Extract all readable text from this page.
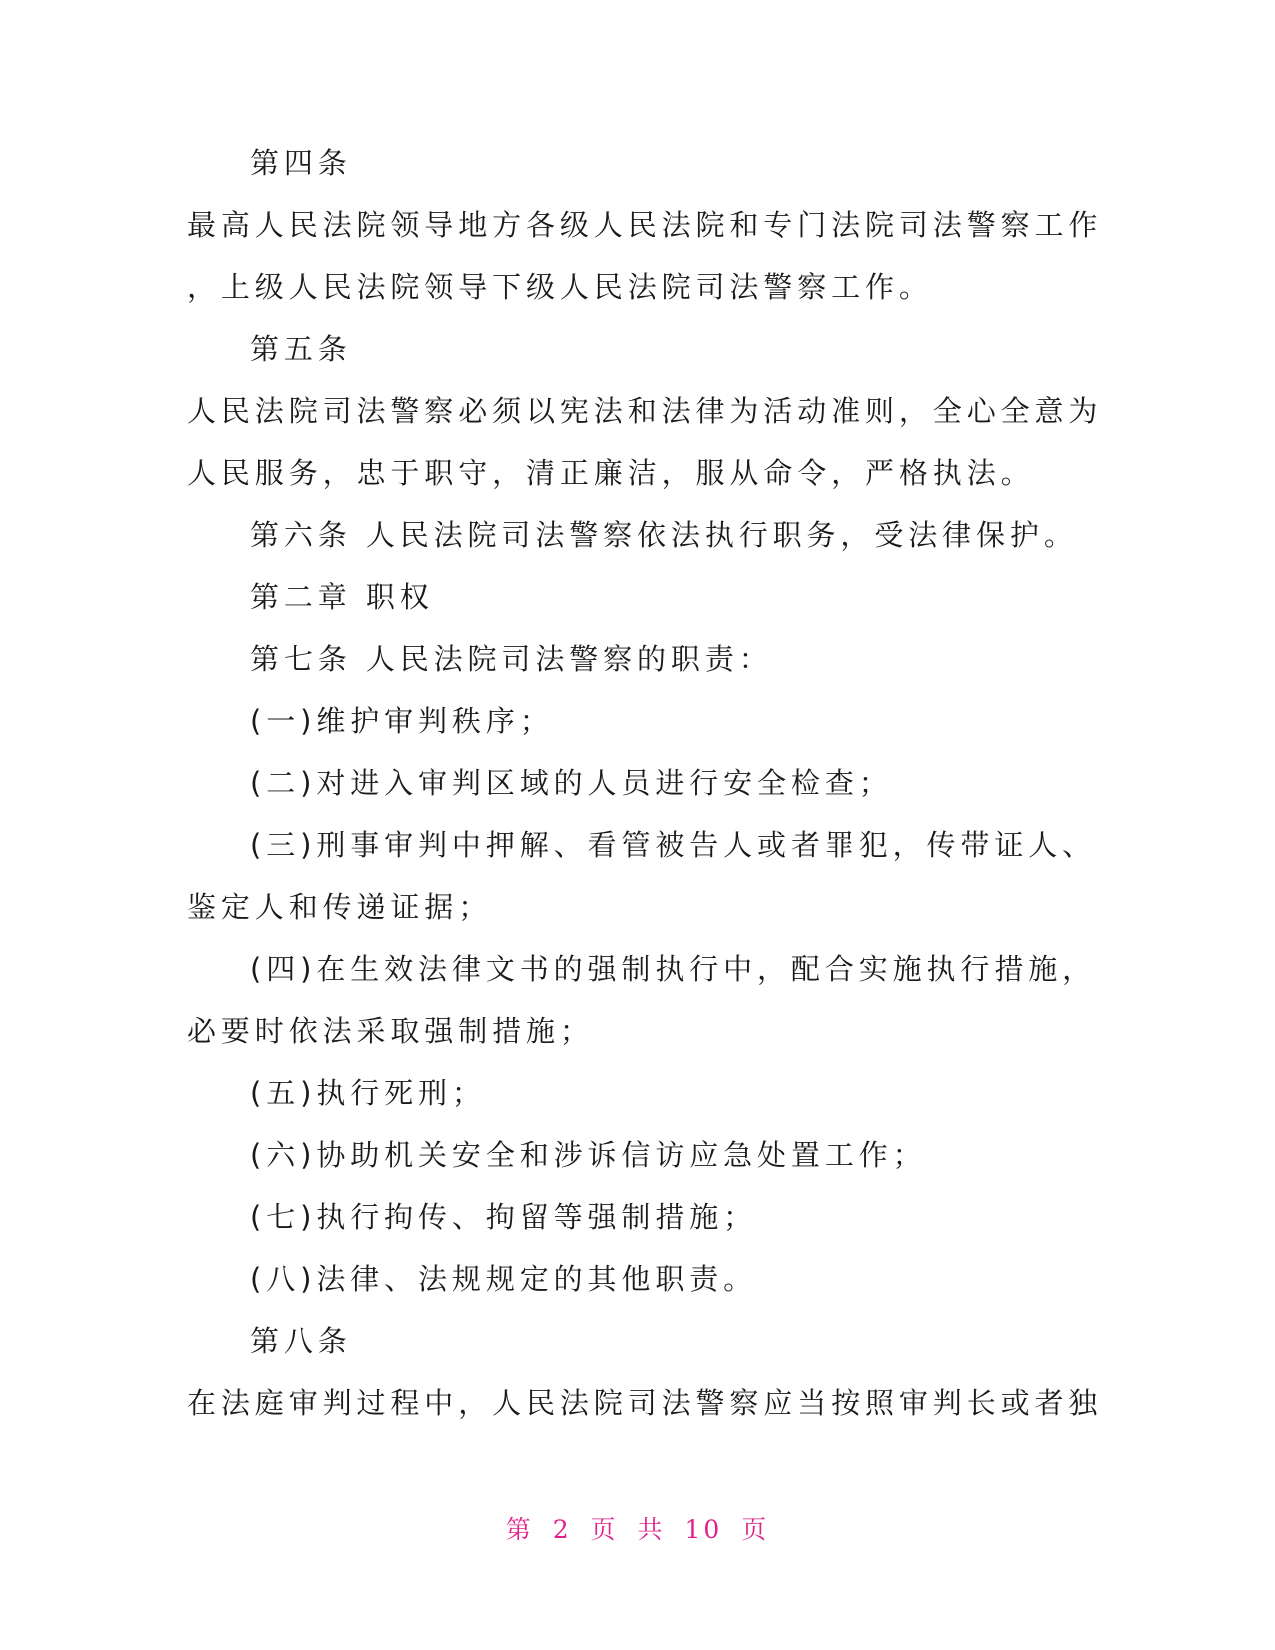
第四条
最高人民法院领导地方各级人民法院和专门法院司法警察工作
，上级人民法院领导下级人民法院司法警察工作。
第五条
人民法院司法警察必须以宪法和法律为活动准则，全心全意为
人民服务，忠于职守，清正廉洁，服从命令，严格执法。
第六条 人民法院司法警察依法执行职务，受法律保护。
第二章 职权
第七条 人民法院司法警察的职责：
(一)维护审判秩序；
(二)对进入审判区域的人员进行安全检查；
(三)刑事审判中押解、看管被告人或者罪犯，传带证人、
鉴定人和传递证据；
(四)在生效法律文书的强制执行中，配合实施执行措施，
必要时依法采取强制措施；
(五)执行死刑；
(六)协助机关安全和涉诉信访应急处置工作；
(七)执行拘传、拘留等强制措施；
(八)法律、法规规定的其他职责。
第八条
在法庭审判过程中，人民法院司法警察应当按照审判长或者独
第 2 页 共 10 页
